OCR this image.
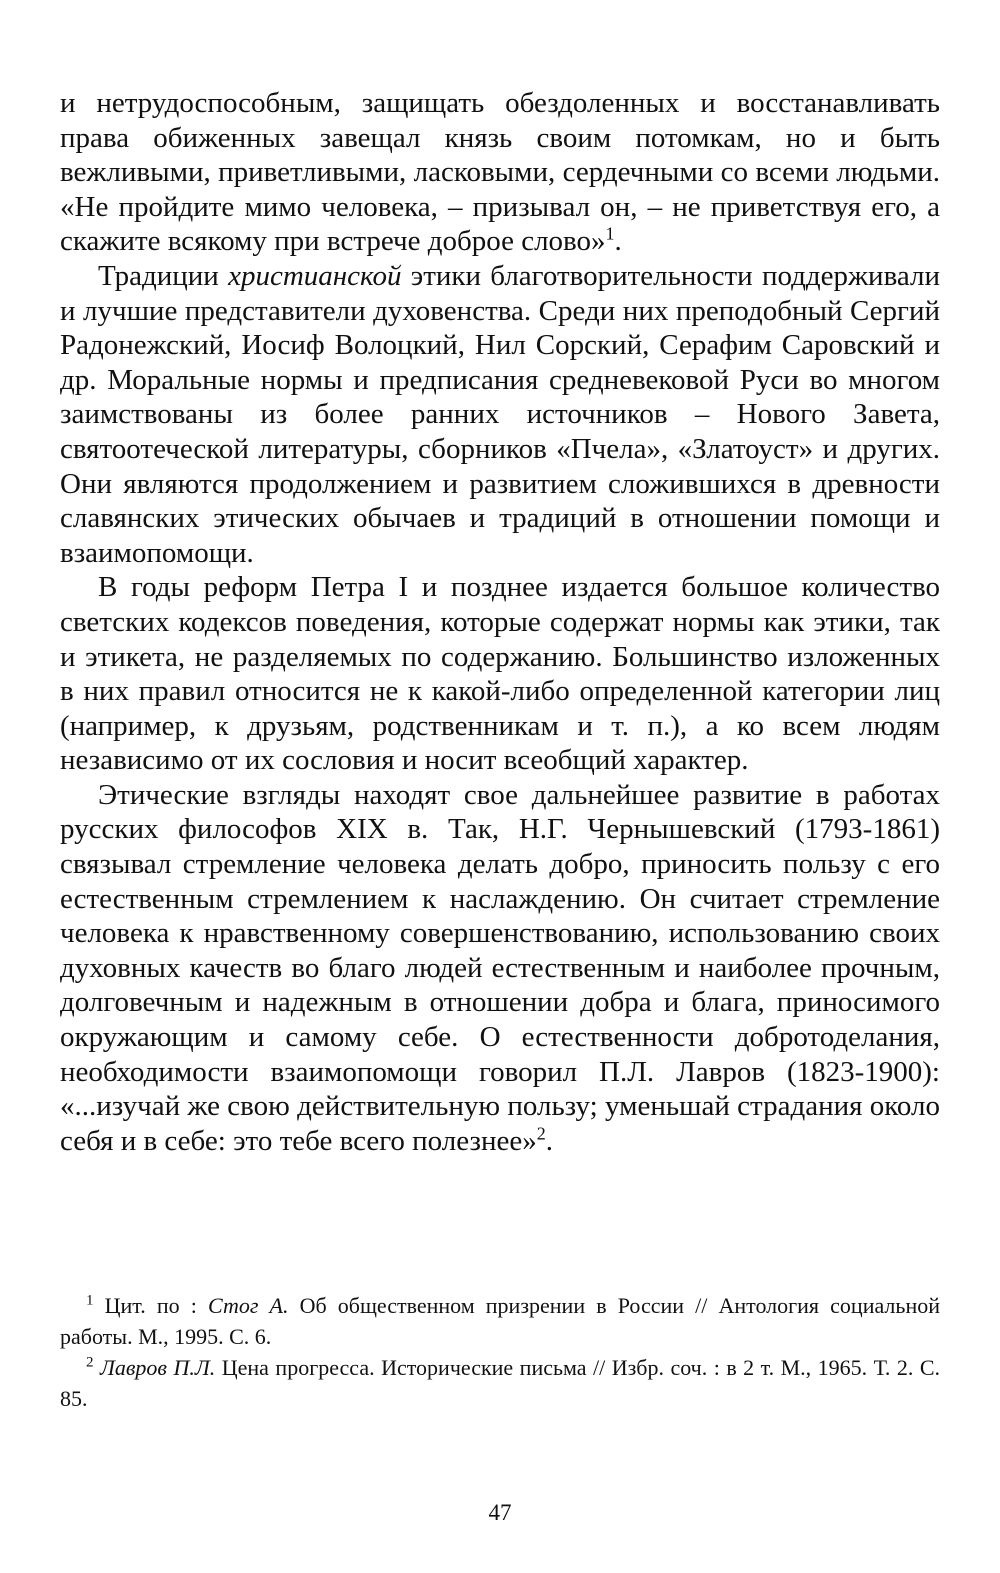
и нетрудоспособным, защищать обездоленных и восстанавливать права обиженных завещал князь своим потомкам, но и быть вежливыми, приветливыми, ласковыми, сердечными со всеми людьми. «Не пройдите мимо человека, – призывал он, – не приветствуя его, а скажите всякому при встрече доброе слово»$^1$.

Традиции христианской этики благотворительности поддерживали и лучшие представители духовенства. Среди них преподобный Сергий Радонежский, Иосиф Волоцкий, Нил Сорский, Серафим Саровский и др. Моральные нормы и предписания средневековой Руси во многом заимствованы из более ранних источников – Нового Завета, святоотеческой литературы, сборников «Пчела», «Златоуст» и других. Они являются продолжением и развитием сложившихся в древности славянских этических обычаев и традиций в отношении помощи и взаимопомощи.

В годы реформ Петра I и позднее издается большое количество светских кодексов поведения, которые содержат нормы как этики, так и этикета, не разделяемых по содержанию. Большинство изложенных в них правил относится не к какой-либо определенной категории лиц (например, к друзьям, родственникам и т. п.), а ко всем людям независимо от их сословия и носит всеобщий характер.

Этические взгляды находят свое дальнейшее развитие в работах русских философов XIX в. Так, Н.Г. Чернышевский (1793-1861) связывал стремление человека делать добро, приносить пользу с его естественным стремлением к наслаждению. Он считает стремление человека к нравственному совершенствованию, использованию своих духовных качеств во благо людей естественным и наиболее прочным, долговечным и надежным в отношении добра и блага, приносимого окружающим и самому себе. О естественности добротоделания, необходимости взаимопомощи говорил П.Л. Лавров (1823-1900): «...изучай же свою действительную пользу; уменьшай страдания около себя и в себе: это тебе всего полезнее»$^2$.

$^1$ Цит. по : Стог А. Об общественном призрении в России // Антология социальной работы. М., 1995. С. 6.

$^2$ Лавров П.Л. Цена прогресса. Исторические письма // Избр. соч. : в 2 т. М., 1965. Т. 2. С. 85.

47
